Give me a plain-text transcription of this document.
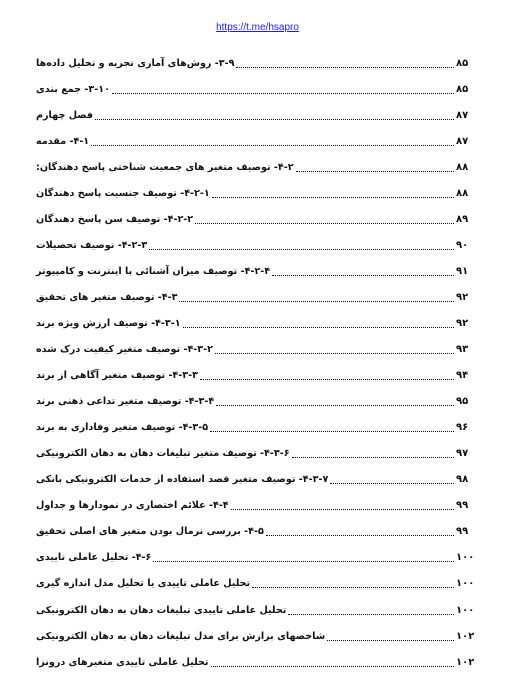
https://t.me/hsapro
۳-۹- روش‌های آماری تجزیه و تحلیل داده‌ها	۸۵
۳-۱۰- جمع بندی	۸۵
فصل چهارم	۸۷
۴-۱- مقدمه	۸۷
۴-۲- توصیف متغیر های جمعیت شناختی پاسخ دهندگان:	۸۸
۴-۲-۱- توصیف جنسیت پاسخ دهندگان	۸۸
۴-۲-۲- توصیف سن پاسخ دهندگان	۸۹
۴-۲-۳- توصیف تحصیلات	۹۰
۴-۲-۴- توصیف میزان آشنائی با اینترنت و کامپیوتر	۹۱
۴-۳- توصیف متغیر های تحقیق	۹۲
۴-۳-۱- توصیف ارزش ویژه برند	۹۲
۴-۳-۲- توصیف متغیر کیفیت درک شده	۹۳
۴-۳-۳- توصیف متغیر آگاهی از برند	۹۴
۴-۳-۴- توصیف متغیر تداعی ذهنی برند	۹۵
۴-۳-۵- توصیف متغیر وفاداری به برند	۹۶
۴-۳-۶- توصیف متغیر تبلیغات دهان به دهان الکترونیکی	۹۷
۴-۳-۷- توصیف متغیر قصد استفاده از خدمات الکترونیکی بانکی	۹۸
۴-۴- علائم اختصاری در نمودارها و جداول	۹۹
۴-۵- بررسی نرمال بودن متغیر های اصلی تحقیق	۹۹
۴-۶- تحلیل عاملی تاییدی	۱۰۰
تحلیل عاملی تاییدی یا تحلیل مدل اندازه گیری	۱۰۰
تحلیل عاملی تاییدی تبلیغات دهان به دهان الکترونیکی	۱۰۰
شاخصهای برازش برای مدل تبلیغات دهان به دهان الکترونیکی	۱۰۲
تحلیل عاملی تاییدی متغیرهای درونزا	۱۰۲
